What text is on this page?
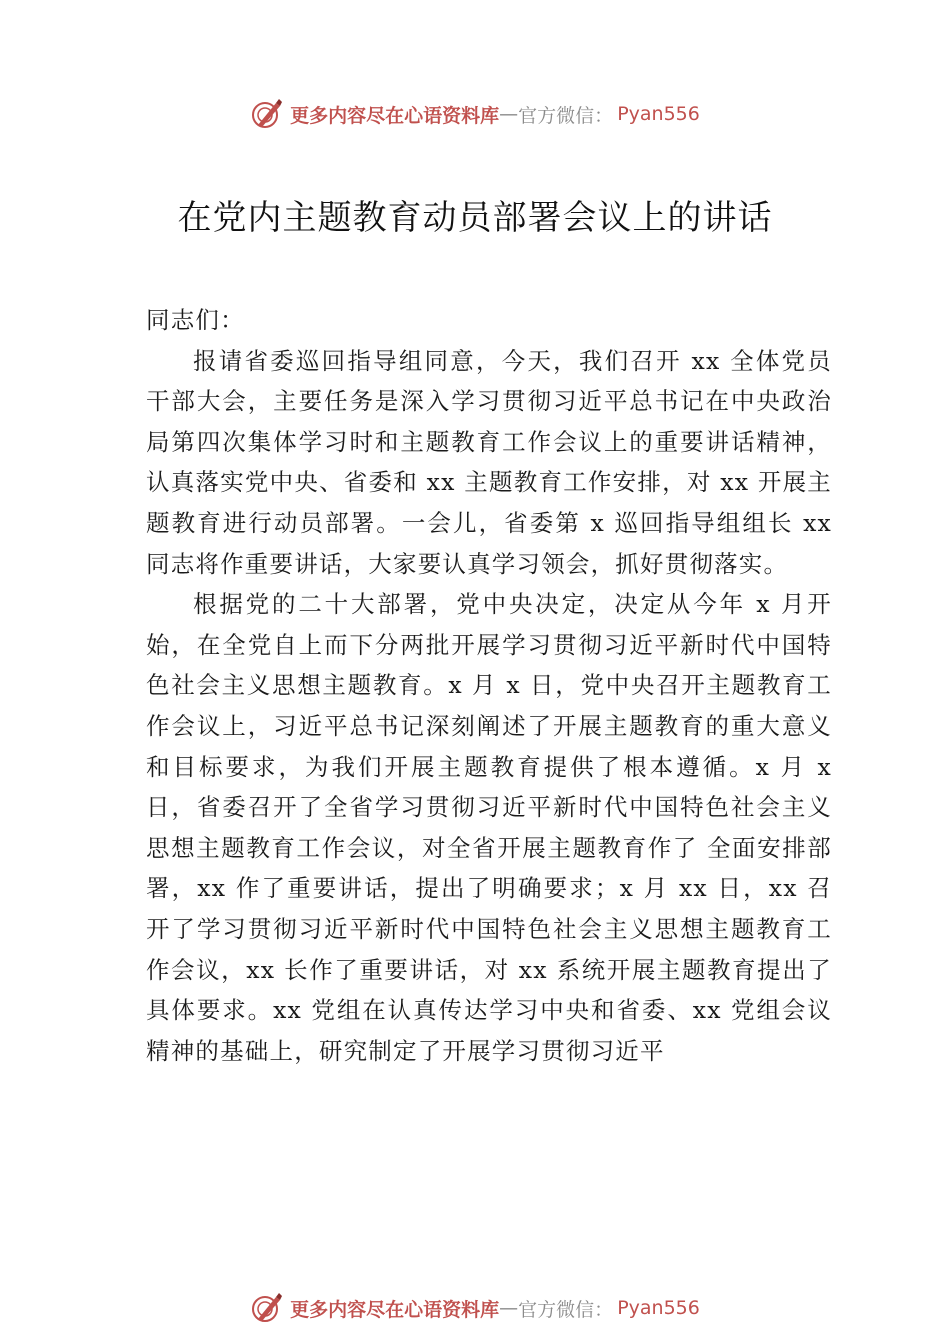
更多内容尽在心语资料库 — 官方微信： Pyan556
在党内主题教育动员部署会议上的讲话

同志们：

报请省委巡回指导组同意，今天，我们召开 xx 全体党员干部大会，主要任务是深入学习贯彻习近平总书记在中央政治局第四次集体学习时和主题教育工作会议上的重要讲话精神，认真落实党中央、省委和 xx 主题教育工作安排，对 xx 开展主题教育进行动员部署。一会儿，省委第 x 巡回指导组组长 xx 同志将作重要讲话，大家要认真学习领会，抓好贯彻落实。

根据党的二十大部署，党中央决定，决定从今年 x 月开始，在全党自上而下分两批开展学习贯彻习近平新时代中国特色社会主义思想主题教育。x 月 x 日，党中央召开主题教育工作会议上，习近平总书记深刻阐述了开展主题教育的重大意义和目标要求，为我们开展主题教育提供了根本遵循。x 月 x 日，省委召开了全省学习贯彻习近平新时代中国特色社会主义思想主题教育工作会议，对全省开展主题教育作了 全面安排部署，xx 作了重要讲话，提出了明确要求；x 月 xx 日，xx 召开了学习贯彻习近平新时代中国特色社会主义思想主题教育工作会议，xx 长作了重要讲话，对 xx 系统开展主题教育提出了具体要求。xx 党组在认真传达学习中央和省委、xx 党组会议精神的基础上，研究制定了开展学习贯彻习近平

更多内容尽在心语资料库 — 官方微信： Pyan556
